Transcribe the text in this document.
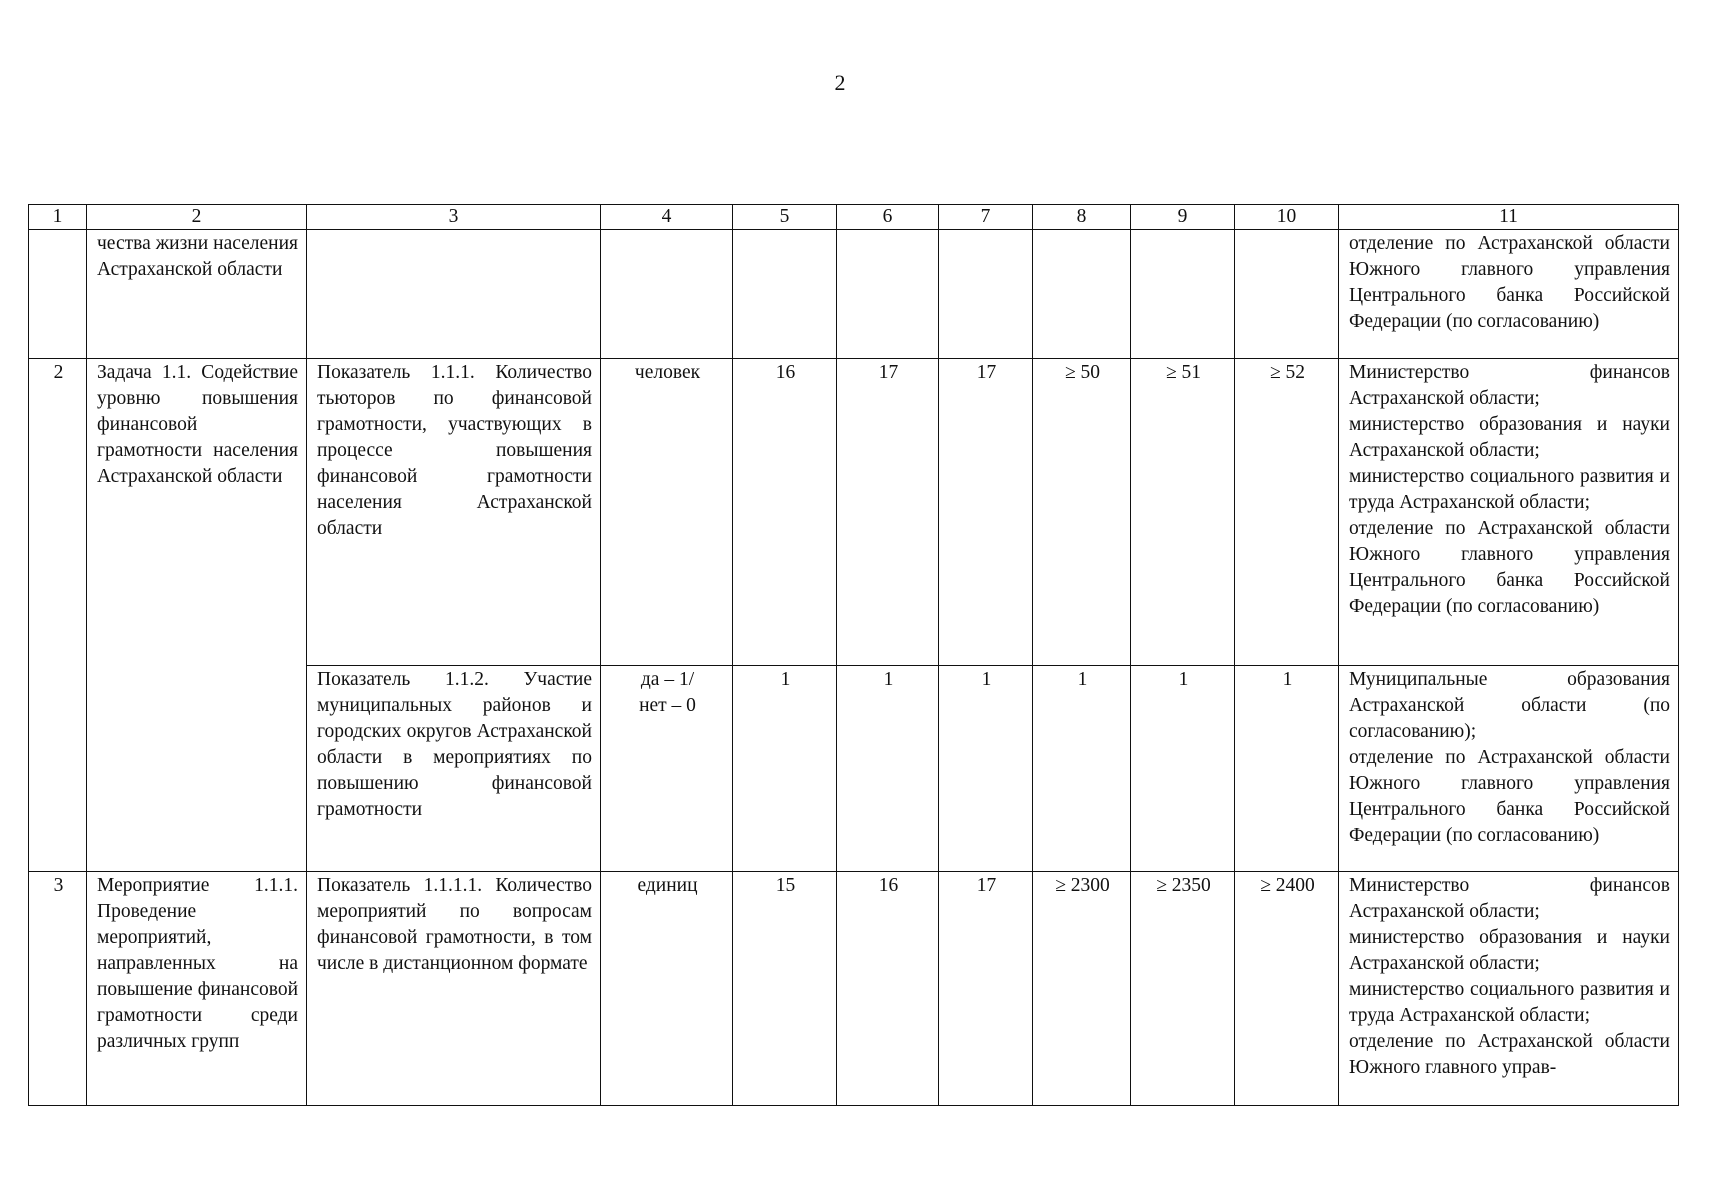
2
1	2	3	4	5	6	7	8	9	10	11
	чества жизни населения Астраханской области									отделение по Астраханской области Южного главного управления Центрального банка Российской Федерации (по согласованию)
2	Задача 1.1. Содействие уровню повышения финансовой грамотности населения Астраханской области	Показатель 1.1.1. Количество тьюторов по финансовой грамотности, участвующих в процессе повышения финансовой грамотности населения Астраханской области	человек	16	17	17	≥ 50	≥ 51	≥ 52	Министерство финансов Астраханской области;
министерство образования и науки Астраханской области;
министерство социального развития и труда Астраханской области;
отделение по Астраханской области Южного главного управления Центрального банка Российской Федерации (по согласованию)

		Показатель 1.1.2. Участие муниципальных районов и городских округов Астраханской области в мероприятиях по повышению финансовой грамотности	да – 1/
нет – 0	1	1	1	1	1	1	Муниципальные образования Астраханской области (по согласованию);
отделение по Астраханской области Южного главного управления Центрального банка Российской Федерации (по согласованию)

3	Мероприятие 1.1.1. Проведение мероприятий, направленных на повышение финансовой грамотности среди различных групп	Показатель 1.1.1.1. Количество мероприятий по вопросам финансовой грамотности, в том числе в дистанционном формате	единиц	15	16	17	≥ 2300	≥ 2350	≥ 2400	Министерство финансов Астраханской области;
министерство образования и науки Астраханской области;
министерство социального развития и труда Астраханской области;
отделение по Астраханской области Южного главного управ-
